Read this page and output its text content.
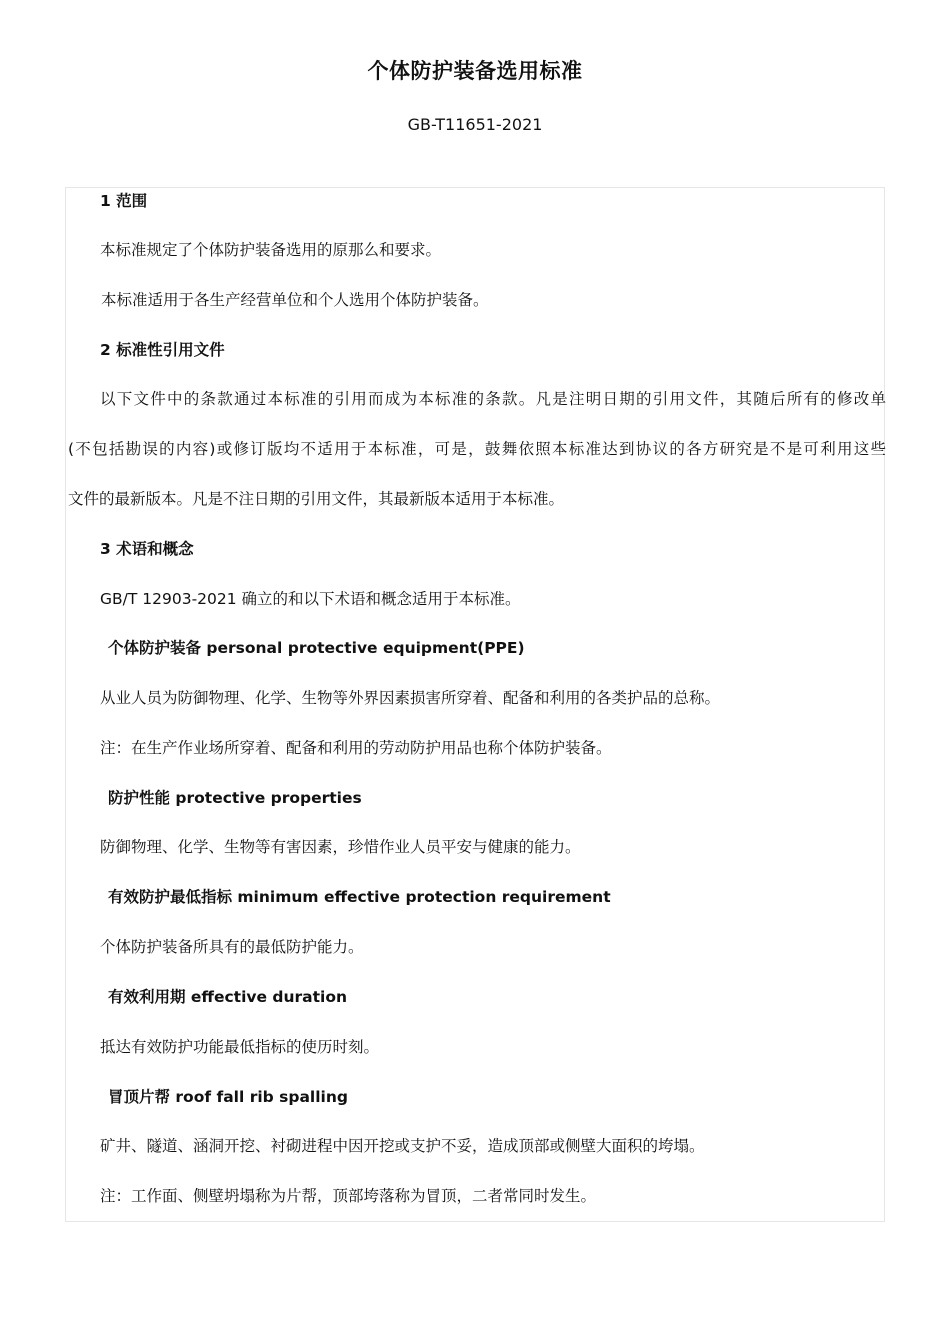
个体防护装备选用标准
GB-T11651-2021
1 范围
本标准规定了个体防护装备选用的原那么和要求。
本标准适用于各生产经营单位和个人选用个体防护装备。
2 标准性引用文件
以下文件中的条款通过本标准的引用而成为本标准的条款。凡是注明日期的引用文件，其随后所有的修改单
(不包括勘误的内容)或修订版均不适用于本标准，可是，鼓舞依照本标准达到协议的各方研究是不是可利用这些
文件的最新版本。凡是不注日期的引用文件，其最新版本适用于本标准。
3 术语和概念
GB/T 12903-2021 确立的和以下术语和概念适用于本标准。
个体防护装备 personal protective equipment(PPE)
从业人员为防御物理、化学、生物等外界因素损害所穿着、配备和利用的各类护品的总称。
注：在生产作业场所穿着、配备和利用的劳动防护用品也称个体防护装备。
防护性能 protective properties
防御物理、化学、生物等有害因素，珍惜作业人员平安与健康的能力。
有效防护最低指标 minimum effective protection requirement
个体防护装备所具有的最低防护能力。
有效利用期 effective duration
抵达有效防护功能最低指标的使历时刻。
冒顶片帮 roof fall rib spalling
矿井、隧道、涵洞开挖、衬砌进程中因开挖或支护不妥，造成顶部或侧壁大面积的垮塌。
注：工作面、侧壁坍塌称为片帮，顶部垮落称为冒顶，二者常同时发生。
